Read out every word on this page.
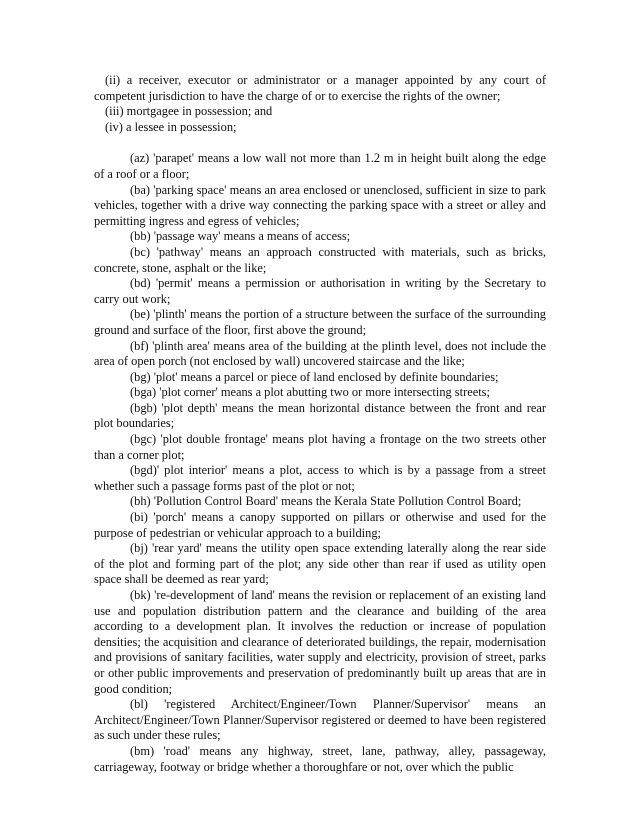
(ii) a receiver, executor or administrator or a manager appointed by any court of competent jurisdiction to have the charge of or to exercise the rights of the owner;

(iii) mortgagee in possession; and

(iv) a lessee in possession;

(az) 'parapet' means a low wall not more than 1.2 m in height built along the edge of a roof or a floor;

(ba) 'parking space' means an area enclosed or unenclosed, sufficient in size to park vehicles, together with a drive way connecting the parking space with a street or alley and permitting ingress and egress of vehicles;

(bb) 'passage way' means a means of access;

(bc) 'pathway' means an approach constructed with materials, such as bricks, concrete, stone, asphalt or the like;

(bd) 'permit' means a permission or authorisation in writing by the Secretary to carry out work;

(be) 'plinth' means the portion of a structure between the surface of the surrounding ground and surface of the floor, first above the ground;

(bf) 'plinth area' means area of the building at the plinth level, does not include the area of open porch (not enclosed by wall) uncovered staircase and the like;

(bg) 'plot' means a parcel or piece of land enclosed by definite boundaries;

(bga) 'plot corner' means a plot abutting two or more intersecting streets;

(bgb) 'plot depth' means the mean horizontal distance between the front and rear plot boundaries;

(bgc) 'plot double frontage' means plot having a frontage on the two streets other than a corner plot;

(bgd)' plot interior' means a plot, access to which is by a passage from a street whether such a passage forms past of the plot or not;

(bh) 'Pollution Control Board' means the Kerala State Pollution Control Board;

(bi) 'porch' means a canopy supported on pillars or otherwise and used for the purpose of pedestrian or vehicular approach to a building;

(bj) 'rear yard' means the utility open space extending laterally along the rear side of the plot and forming part of the plot; any side other than rear if used as utility open space shall be deemed as rear yard;

(bk) 're-development of land' means the revision or replacement of an existing land use and population distribution pattern and the clearance and building of the area according to a development plan. It involves the reduction or increase of population densities; the acquisition and clearance of deteriorated buildings, the repair, modernisation and provisions of sanitary facilities, water supply and electricity, provision of street, parks or other public improvements and preservation of predominantly built up areas that are in good condition;

(bl) 'registered Architect/Engineer/Town Planner/Supervisor' means an Architect/Engineer/Town Planner/Supervisor registered or deemed to have been registered as such under these rules;

(bm) 'road' means any highway, street, lane, pathway, alley, passageway, carriageway, footway or bridge whether a thoroughfare or not, over which the public
